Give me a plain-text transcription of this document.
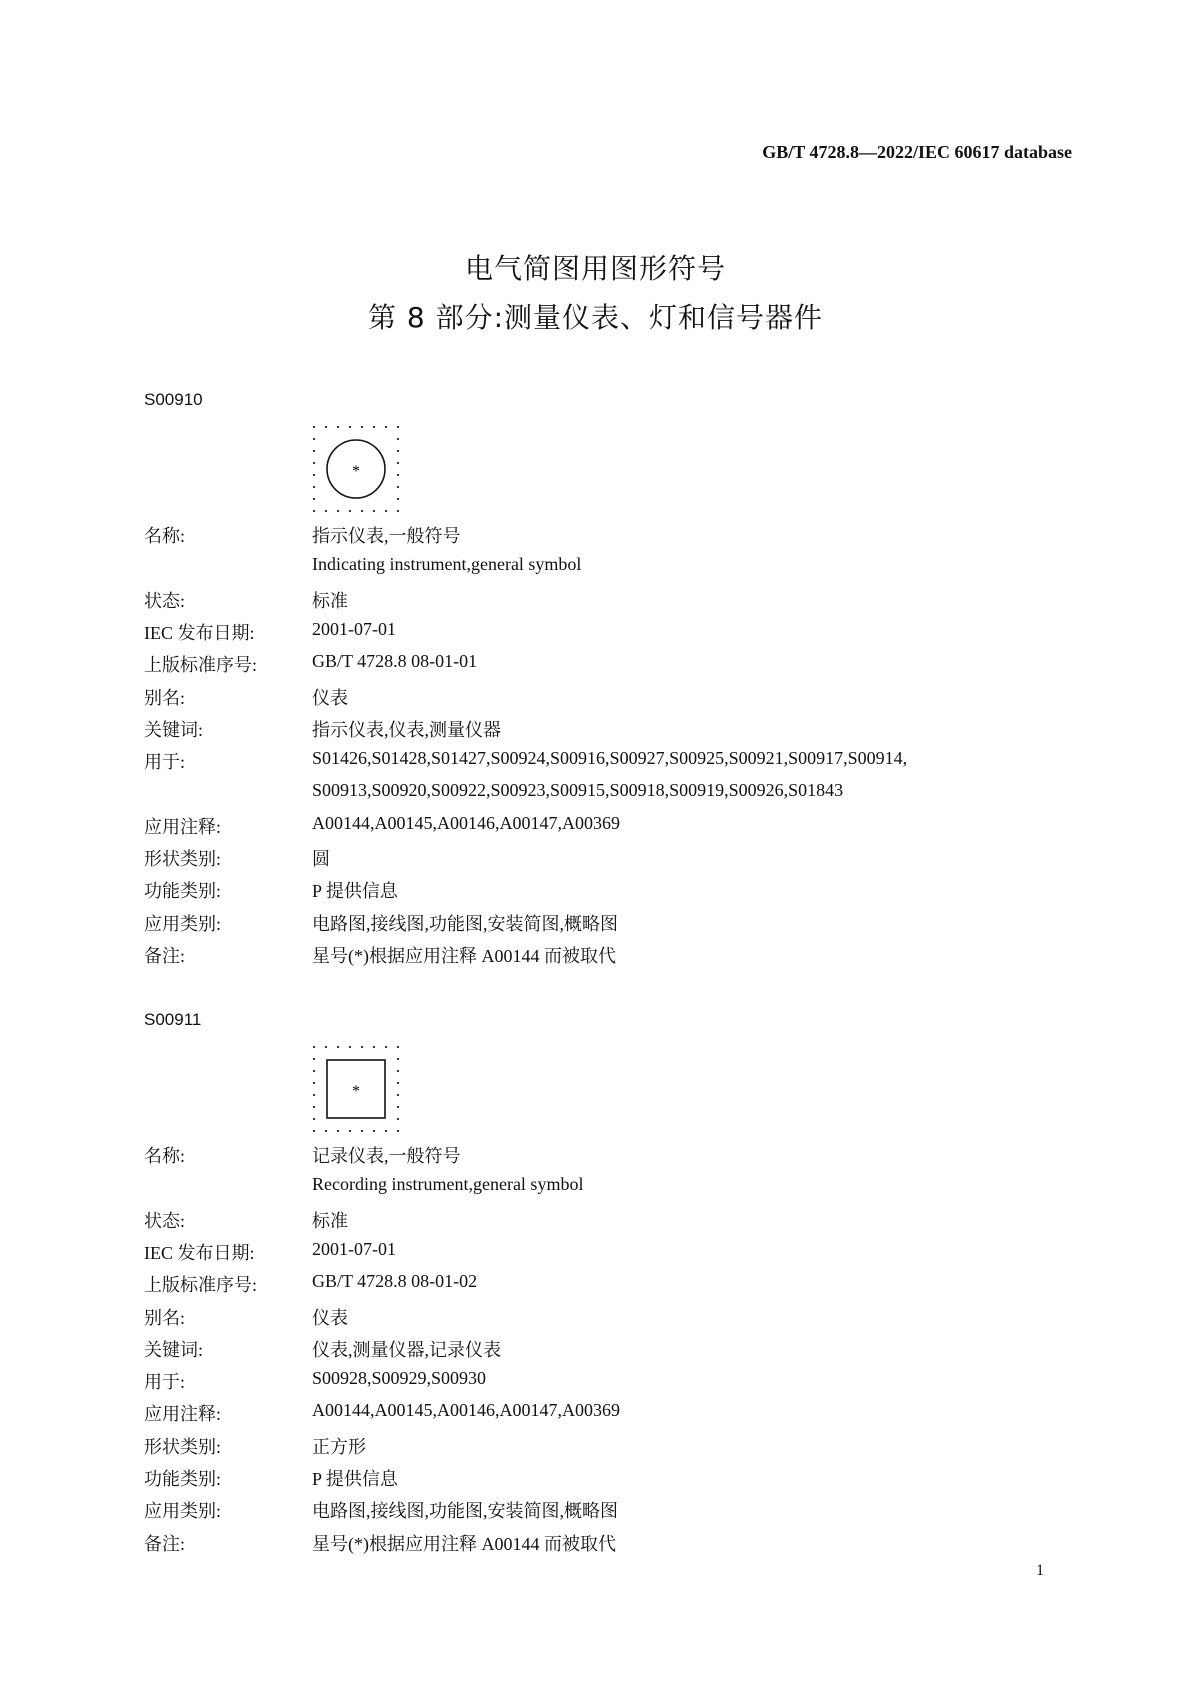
GB/T 4728.8—2022/IEC 60617 database
电气简图用图形符号
第 8 部分:测量仪表、灯和信号器件
S00910
*
名称:	指示仪表,一般符号
Indicating instrument,general symbol
状态:	标准
IEC 发布日期:	2001-07-01
上版标准序号:	GB/T 4728.8 08-01-01
别名:	仪表
关键词:	指示仪表,仪表,测量仪器
用于:	S01426,S01428,S01427,S00924,S00916,S00927,S00925,S00921,S00917,S00914,
S00913,S00920,S00922,S00923,S00915,S00918,S00919,S00926,S01843
应用注释:	A00144,A00145,A00146,A00147,A00369
形状类别:	圆
功能类别:	P 提供信息
应用类别:	电路图,接线图,功能图,安装简图,概略图
备注:	星号(*)根据应用注释 A00144 而被取代
S00911
*
名称:	记录仪表,一般符号
Recording instrument,general symbol
状态:	标准
IEC 发布日期:	2001-07-01
上版标准序号:	GB/T 4728.8 08-01-02
别名:	仪表
关键词:	仪表,测量仪器,记录仪表
用于:	S00928,S00929,S00930
应用注释:	A00144,A00145,A00146,A00147,A00369
形状类别:	正方形
功能类别:	P 提供信息
应用类别:	电路图,接线图,功能图,安装简图,概略图
备注:	星号(*)根据应用注释 A00144 而被取代
1
